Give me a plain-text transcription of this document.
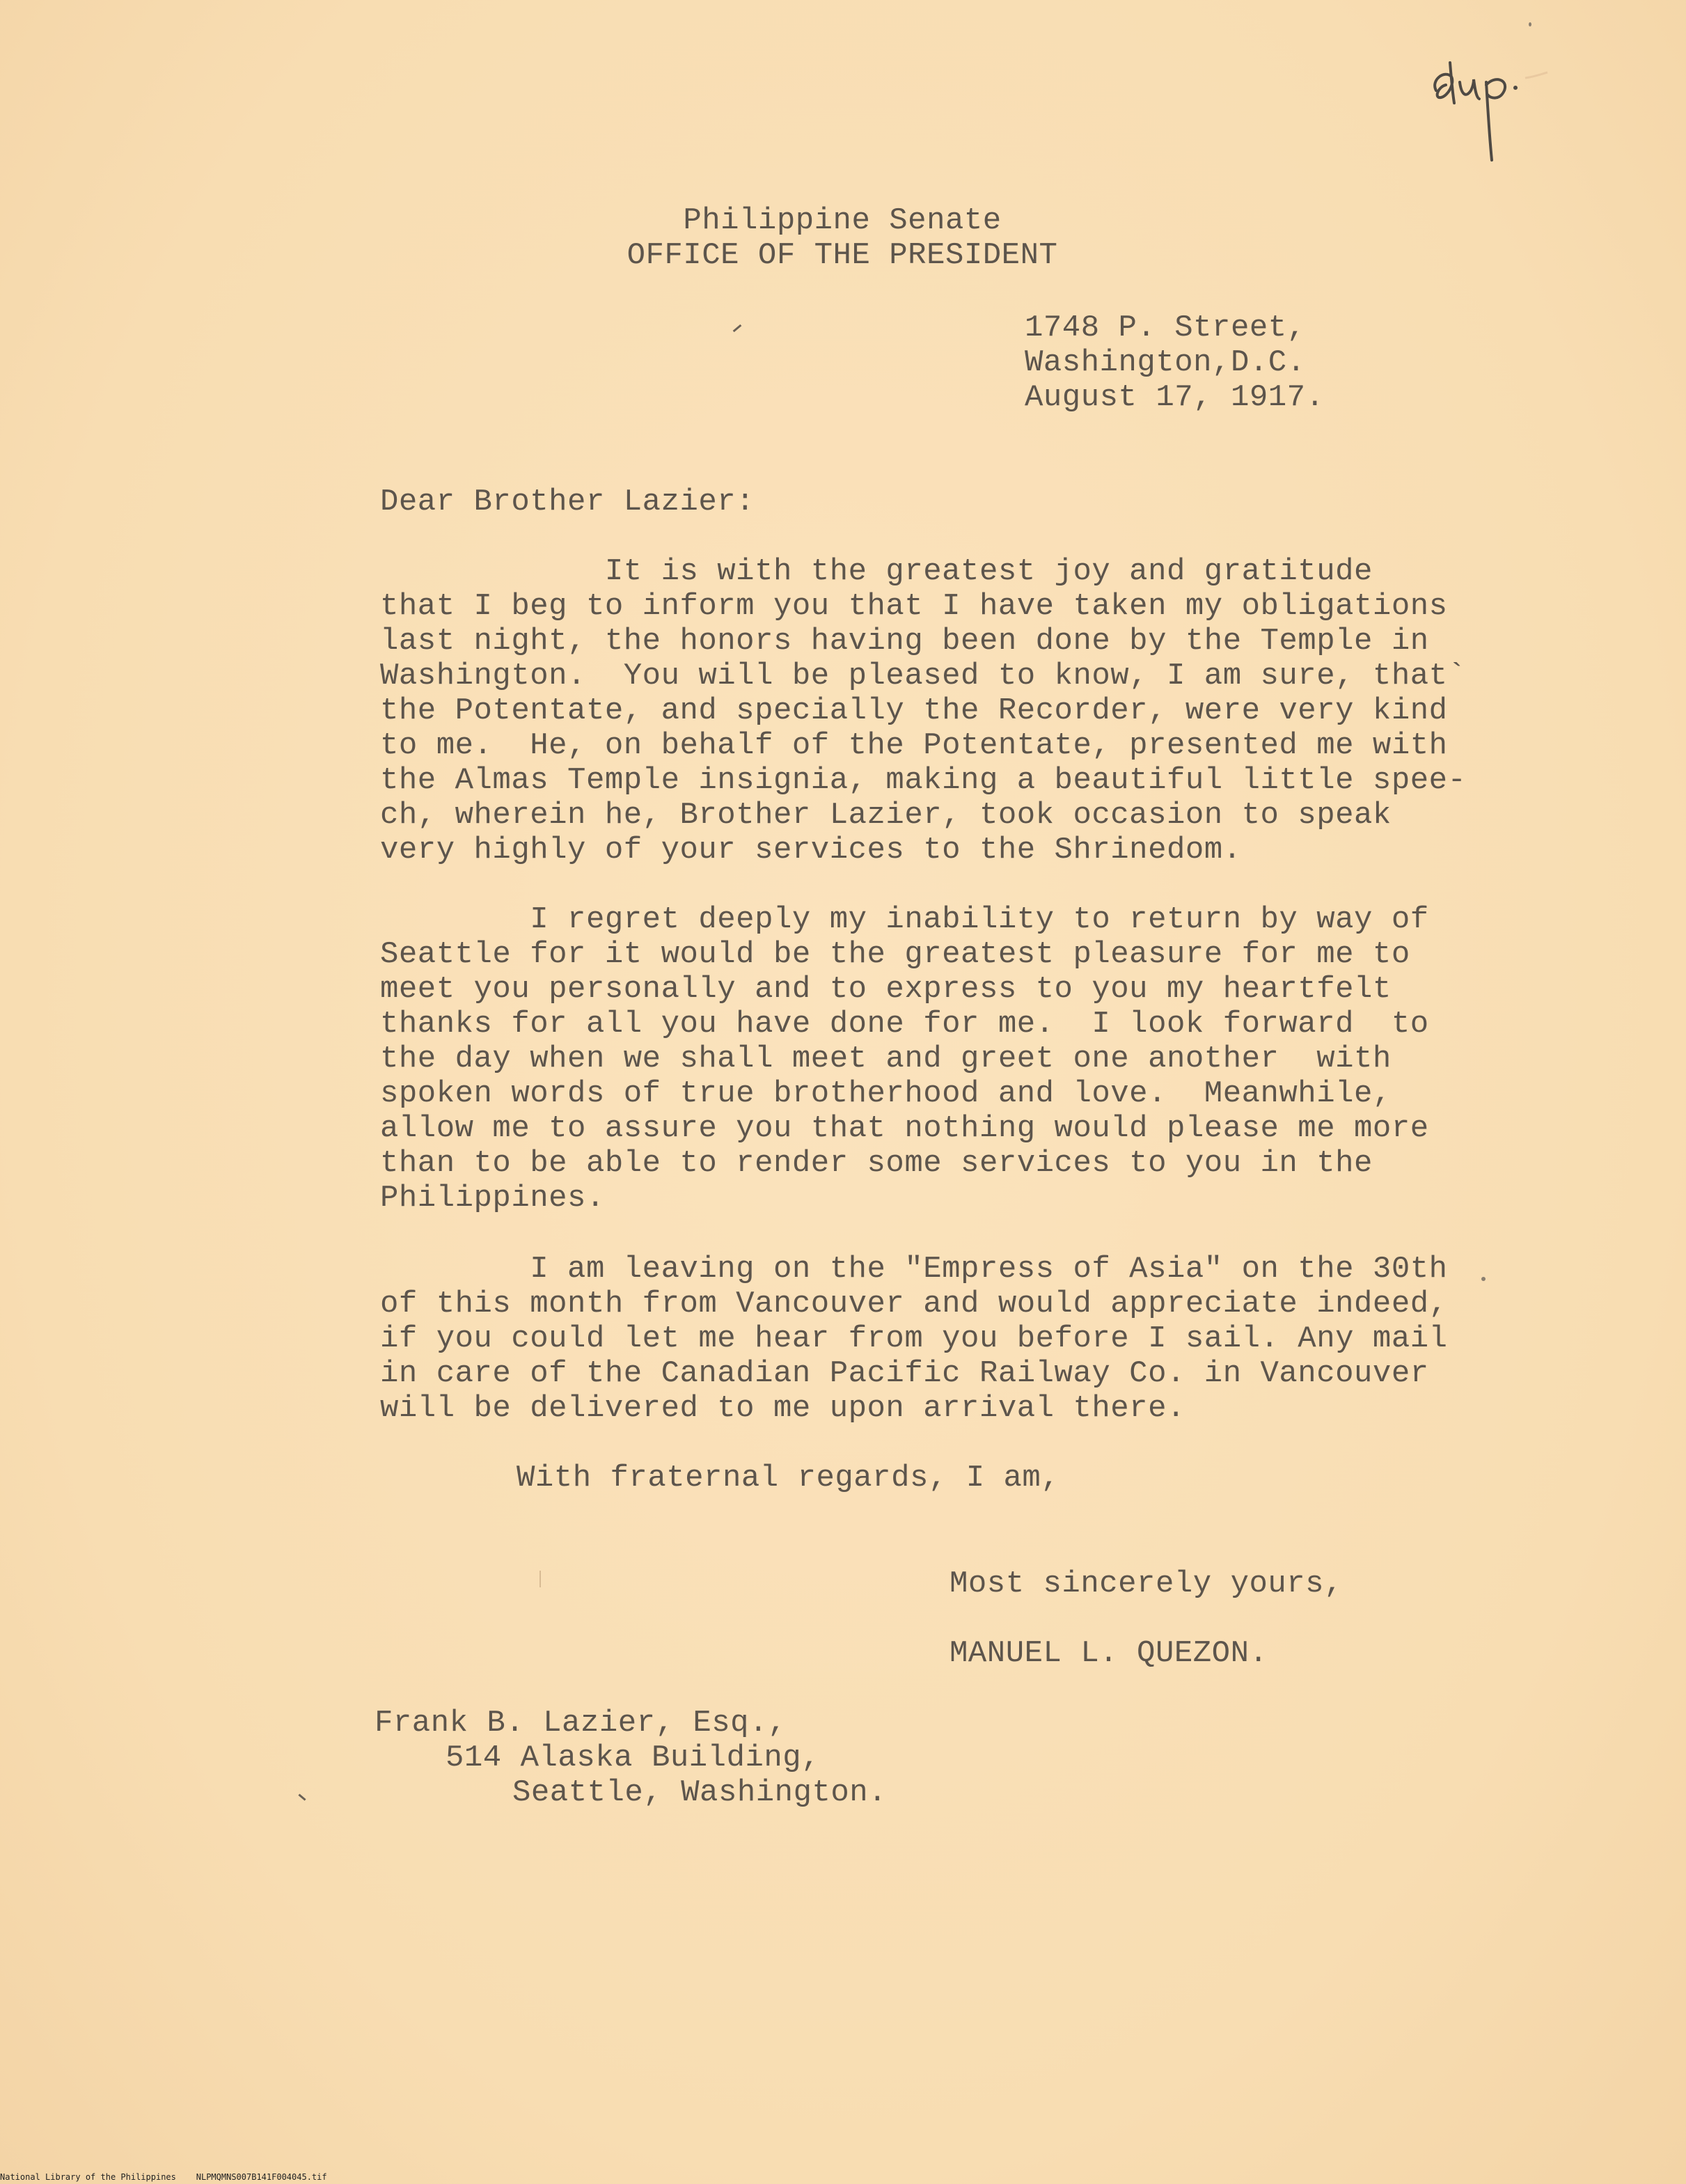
Philippine Senate
OFFICE OF THE PRESIDENT
1748 P. Street,
Washington,D.C.
August 17, 1917.
Dear Brother Lazier:
It is with the greatest joy and gratitude
that I beg to inform you that I have taken my obligations
last night, the honors having been done by the Temple in
Washington.  You will be pleased to know, I am sure, that`
the Potentate, and specially the Recorder, were very kind
to me.  He, on behalf of the Potentate, presented me with
the Almas Temple insignia, making a beautiful little spee-
ch, wherein he, Brother Lazier, took occasion to speak
very highly of your services to the Shrinedom.
I regret deeply my inability to return by way of
Seattle for it would be the greatest pleasure for me to
meet you personally and to express to you my heartfelt
thanks for all you have done for me.  I look forward  to
the day when we shall meet and greet one another  with
spoken words of true brotherhood and love.  Meanwhile,
allow me to assure you that nothing would please me more
than to be able to render some services to you in the
Philippines.
I am leaving on the "Empress of Asia" on the 30th
of this month from Vancouver and would appreciate indeed,
if you could let me hear from you before I sail. Any mail
in care of the Canadian Pacific Railway Co. in Vancouver
will be delivered to me upon arrival there.
With fraternal regards, I am,
Most sincerely yours,
MANUEL L. QUEZON.
Frank B. Lazier, Esq.,
514 Alaska Building,
Seattle, Washington.
National Library of the Philippines    NLPMQMNS007B141F004045.tif
